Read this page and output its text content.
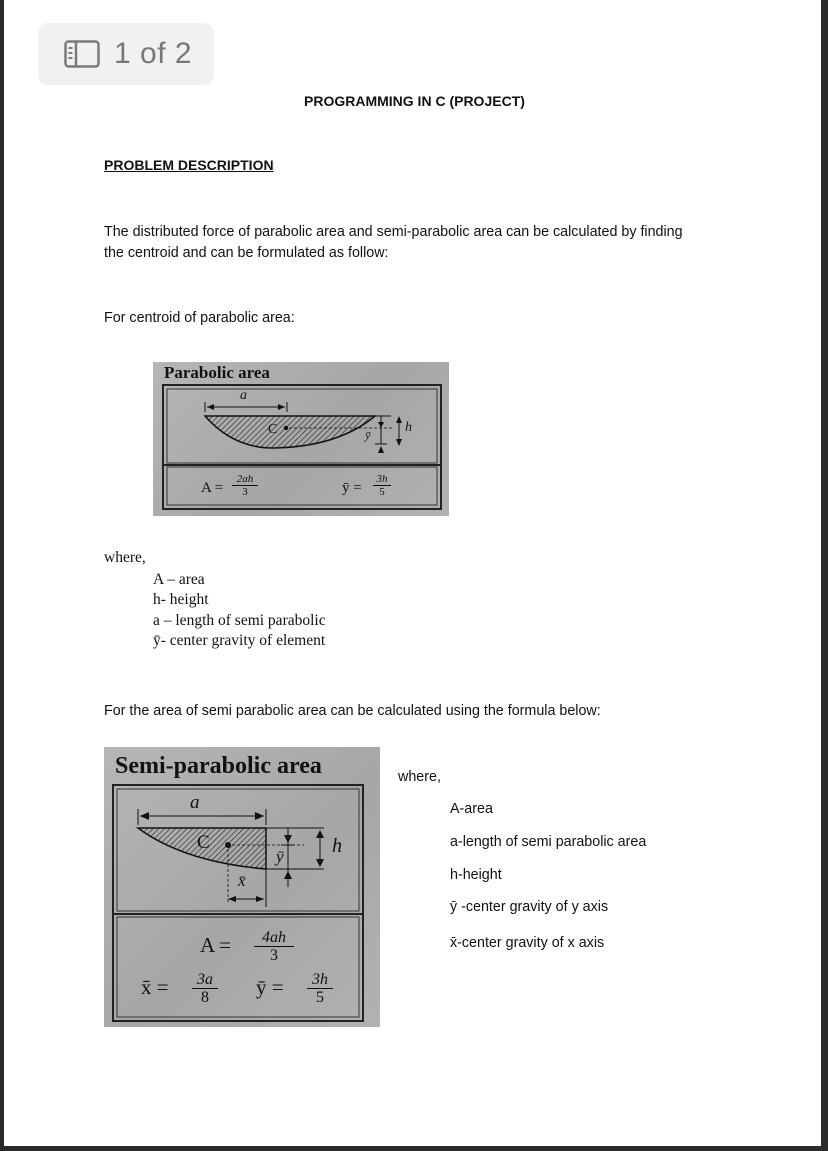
1 of 2
PROGRAMMING IN C (PROJECT)
PROBLEM DESCRIPTION
The distributed force of parabolic area and semi-parabolic area can be calculated by finding
the centroid and can be formulated as follow:
For centroid of parabolic area:
Parabolic area
a
C	ȳ h
A =
2ah
3	ȳ =
3h
5
where,
A – area
h- height
a – length of semi parabolic
ȳ- center gravity of element
For the area of semi parabolic area can be calculated using the formula below:
Semi-parabolic area
a
C
ȳ h
x̄
A =	4ah
3
x̄ =	3a
8	ȳ =	3h
5
where,
A-area
a-length of semi parabolic area
h-height
ȳ -center gravity of y axis
x̄-center gravity of x axis
